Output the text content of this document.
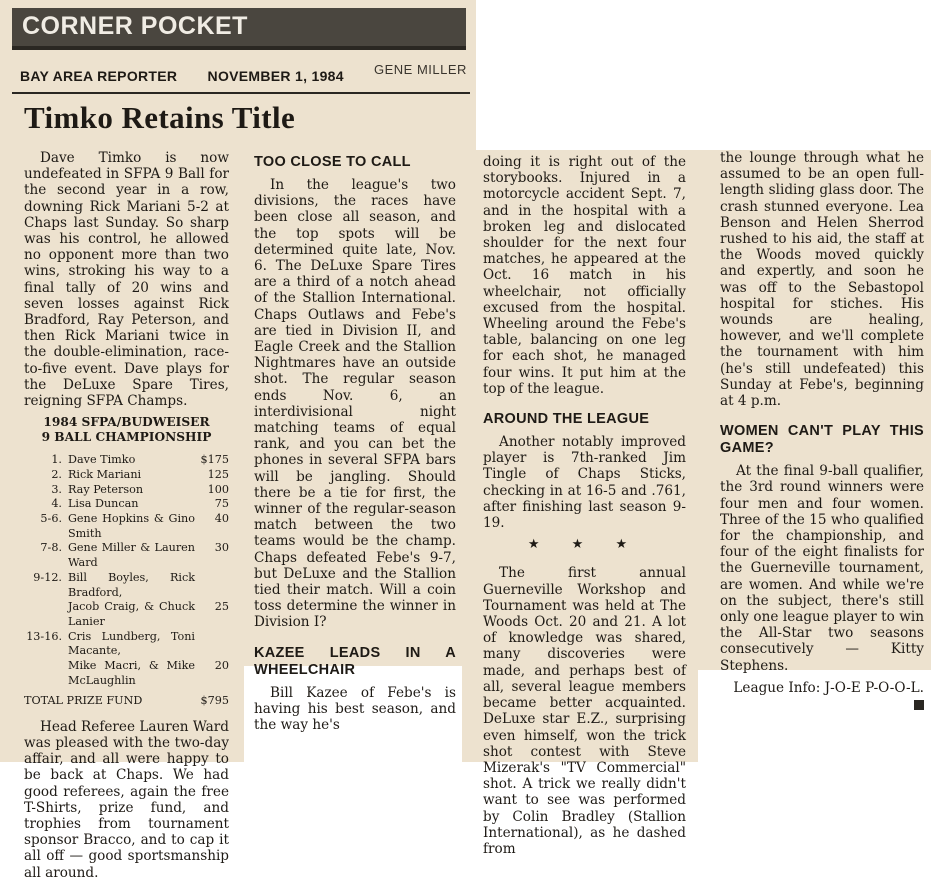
CORNER POCKET
BAY AREA REPORTER NOVEMBER 1, 1984 GENE MILLER
Timko Retains Title

Dave Timko is now undefeated in SFPA 9 Ball for the second year in a row, downing Rick Mariani 5-2 at Chaps last Sunday. So sharp was his control, he allowed no opponent more than two wins, stroking his way to a final tally of 20 wins and seven losses against Rick Bradford, Ray Peterson, and then Rick Mariani twice in the double-elimination, race-to-five event. Dave plays for the DeLuxe Spare Tires, reigning SFPA Champs.

1984 SFPA/BUDWEISER
9 BALL CHAMPIONSHIP
1.	Dave Timko	$175
2.	Rick Mariani	125
3.	Ray Peterson	100
4.	Lisa Duncan	75
5-6.	Gene Hopkins & Gino Smith	40
7-8.	Gene Miller & Lauren Ward	30
9-12.	Bill Boyles, Rick Bradford,	
	Jacob Craig, & Chuck Lanier	25
13-16.	Cris Lundberg, Toni Macante,	
	Mike Macri, & Mike McLaughlin	20
TOTAL PRIZE FUND	$795

Head Referee Lauren Ward was pleased with the two-day affair, and all were happy to be back at Chaps. We had good referees, again the free T-Shirts, prize fund, and trophies from tournament sponsor Bracco, and to cap it all off — good sportsmanship all around.

TOO CLOSE TO CALL

In the league's two divisions, the races have been close all season, and the top spots will be determined quite late, Nov. 6. The DeLuxe Spare Tires are a third of a notch ahead of the Stallion International. Chaps Outlaws and Febe's are tied in Division II, and Eagle Creek and the Stallion Nightmares have an outside shot. The regular season ends Nov. 6, an interdivisional night matching teams of equal rank, and you can bet the phones in several SFPA bars will be jangling. Should there be a tie for first, the winner of the regular-season match between the two teams would be the champ. Chaps defeated Febe's 9-7, but DeLuxe and the Stallion tied their match. Will a coin toss determine the winner in Division I?

KAZEE LEADS IN A WHEELCHAIR

Bill Kazee of Febe's is having his best season, and the way he's

doing it is right out of the storybooks. Injured in a motorcycle accident Sept. 7, and in the hospital with a broken leg and dislocated shoulder for the next four matches, he appeared at the Oct. 16 match in his wheelchair, not officially excused from the hospital. Wheeling around the Febe's table, balancing on one leg for each shot, he managed four wins. It put him at the top of the league.

AROUND THE LEAGUE

Another notably improved player is 7th-ranked Jim Tingle of Chaps Sticks, checking in at 16-5 and .761, after finishing last season 9-19.

★ ★ ★

The first annual Guerneville Workshop and Tournament was held at The Woods Oct. 20 and 21. A lot of knowledge was shared, many discoveries were made, and perhaps best of all, several league members became better acquainted. DeLuxe star E.Z., surprising even himself, won the trick shot contest with Steve Mizerak's "TV Commercial" shot. A trick we really didn't want to see was performed by Colin Bradley (Stallion International), as he dashed from

the lounge through what he assumed to be an open full-length sliding glass door. The crash stunned everyone. Lea Benson and Helen Sherrod rushed to his aid, the staff at the Woods moved quickly and expertly, and soon he was off to the Sebastopol hospital for stiches. His wounds are healing, however, and we'll complete the tournament with him (he's still undefeated) this Sunday at Febe's, beginning at 4 p.m.

WOMEN CAN'T PLAY THIS GAME?

At the final 9-ball qualifier, the 3rd round winners were four men and four women. Three of the 15 who qualified for the championship, and four of the eight finalists for the Guerneville tournament, are women. And while we're on the subject, there's still only one league player to win the All-Star two seasons consecutively — Kitty Stephens.

League Info: J-O-E P-O-O-L.
